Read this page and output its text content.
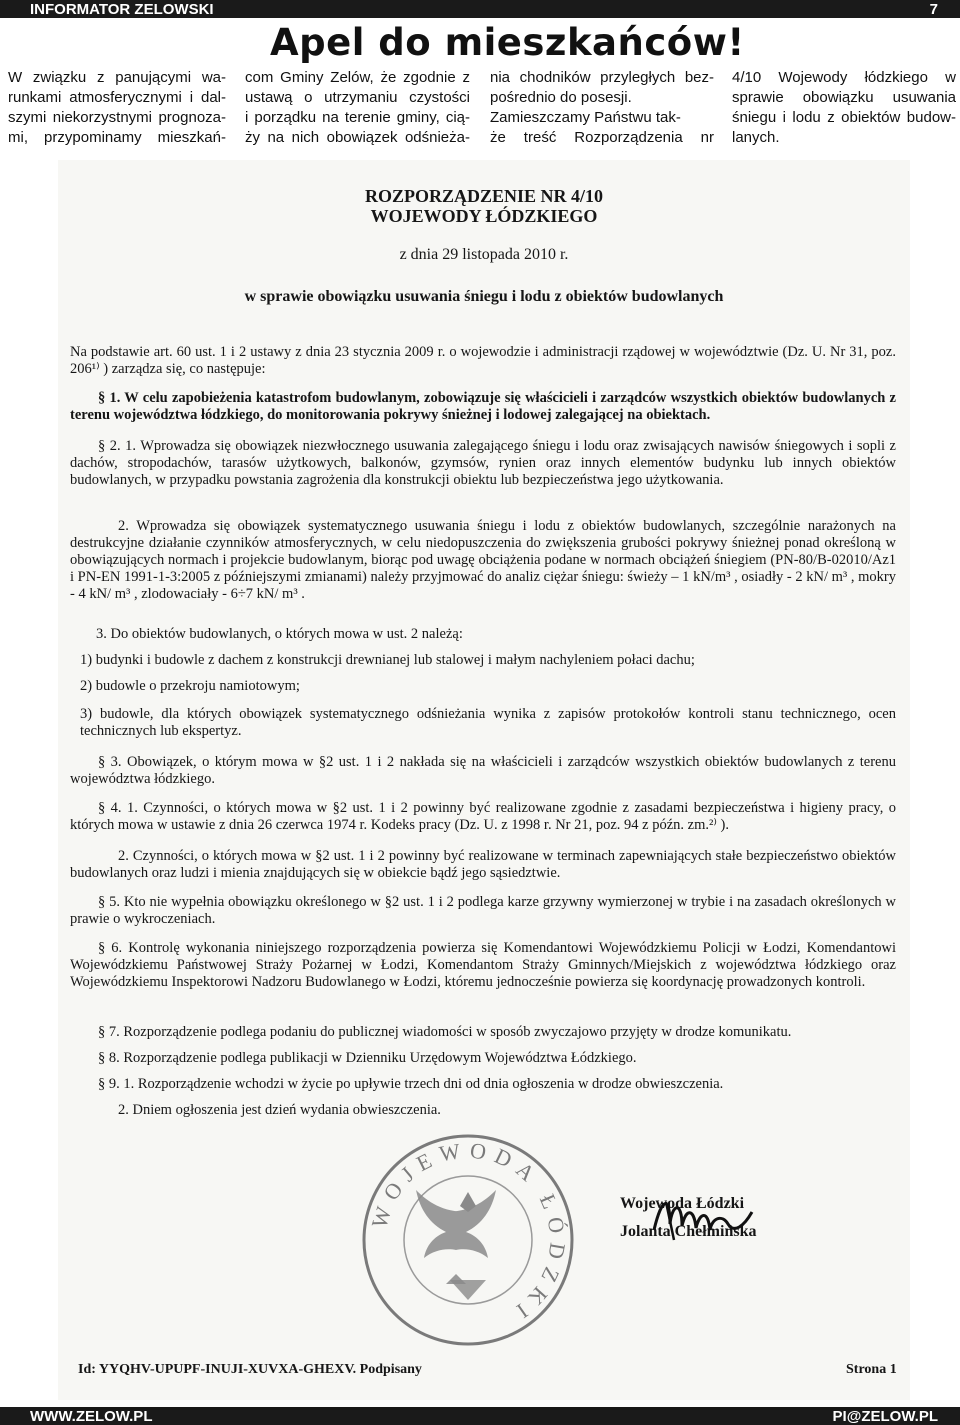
INFORMATOR ZELOWSKI	7
Apel do mieszkańców!

W związku z panującymi wa-

runkami atmosferycznymi i dal-

szymi niekorzystnymi prognoza-

mi, przypominamy mieszkań-

com Gminy Zelów, że zgodnie z

ustawą o utrzymaniu czystości

i porządku na terenie gminy, cią-

ży na nich obowiązek odśnieża-

nia chodników przyległych bez-

pośrednio do posesji.

Zamieszczamy Państwu tak-

że treść Rozporządzenia nr

4/10 Wojewody łódzkiego w

sprawie obowiązku usuwania

śniegu i lodu z obiektów budow-

lanych.

ROZPORZĄDZENIE NR 4/10
WOJEWODY ŁÓDZKIEGO
z dnia 29 listopada 2010 r.
w sprawie obowiązku usuwania śniegu i lodu z obiektów budowlanych
Na podstawie art. 60 ust. 1 i 2 ustawy z dnia 23 stycznia 2009 r. o wojewodzie i administracji rządowej w województwie (Dz. U. Nr 31, poz. 206¹⁾ ) zarządza się, co następuje:
§ 1. W celu zapobieżenia katastrofom budowlanym, zobowiązuje się właścicieli i zarządców wszystkich obiektów budowlanych z terenu województwa łódzkiego, do monitorowania pokrywy śnieżnej i lodowej zalegającej na obiektach.
§ 2. 1. Wprowadza się obowiązek niezwłocznego usuwania zalegającego śniegu i lodu oraz zwisających nawisów śniegowych i sopli z dachów, stropodachów, tarasów użytkowych, balkonów, gzymsów, rynien oraz innych elementów budynku lub innych obiektów budowlanych, w przypadku powstania zagrożenia dla konstrukcji obiektu lub bezpieczeństwa jego użytkowania.
2. Wprowadza się obowiązek systematycznego usuwania śniegu i lodu z obiektów budowlanych, szczególnie narażonych na destrukcyjne działanie czynników atmosferycznych, w celu niedopuszczenia do zwiększenia grubości pokrywy śnieżnej ponad określoną w obowiązujących normach i projekcie budowlanym, biorąc pod uwagę obciążenia podane w normach obciążeń śniegiem (PN-80/B-02010/Az1 i PN-EN 1991-1-3:2005 z późniejszymi zmianami) należy przyjmować do analiz ciężar śniegu: świeży – 1 kN/m³ , osiadły - 2 kN/ m³ , mokry - 4 kN/ m³ , zlodowaciały - 6÷7 kN/ m³ .
3. Do obiektów budowlanych, o których mowa w ust. 2 należą:
1) budynki i budowle z dachem z konstrukcji drewnianej lub stalowej i małym nachyleniem połaci dachu;
2) budowle o przekroju namiotowym;
3) budowle, dla których obowiązek systematycznego odśnieżania wynika z zapisów protokołów kontroli stanu technicznego, ocen technicznych lub ekspertyz.
§ 3. Obowiązek, o którym mowa w §2 ust. 1 i 2 nakłada się na właścicieli i zarządców wszystkich obiektów budowlanych z terenu województwa łódzkiego.
§ 4. 1. Czynności, o których mowa w §2 ust. 1 i 2 powinny być realizowane zgodnie z zasadami bezpieczeństwa i higieny pracy, o których mowa w ustawie z dnia 26 czerwca 1974 r. Kodeks pracy (Dz. U. z 1998 r. Nr 21, poz. 94 z późn. zm.²⁾ ).
2. Czynności, o których mowa w §2 ust. 1 i 2 powinny być realizowane w terminach zapewniających stałe bezpieczeństwo obiektów budowlanych oraz ludzi i mienia znajdujących się w obiekcie bądź jego sąsiedztwie.
§ 5. Kto nie wypełnia obowiązku określonego w §2 ust. 1 i 2 podlega karze grzywny wymierzonej w trybie i na zasadach określonych w prawie o wykroczeniach.
§ 6. Kontrolę wykonania niniejszego rozporządzenia powierza się Komendantowi Wojewódzkiemu Policji w Łodzi, Komendantowi Wojewódzkiemu Państwowej Straży Pożarnej w Łodzi, Komendantom Straży Gminnych/Miejskich z województwa łódzkiego oraz Wojewódzkiemu Inspektorowi Nadzoru Budowlanego w Łodzi, któremu jednocześnie powierza się koordynację prowadzonych kontroli.
§ 7. Rozporządzenie podlega podaniu do publicznej wiadomości w sposób zwyczajowo przyjęty w drodze komunikatu.
§ 8. Rozporządzenie podlega publikacji w Dzienniku Urzędowym Województwa Łódzkiego.
§ 9. 1. Rozporządzenie wchodzi w życie po upływie trzech dni od dnia ogłoszenia w drodze obwieszczenia.
2. Dniem ogłoszenia jest dzień wydania obwieszczenia.
WOJEWODA ŁÓDZKI
Wojewoda Łódzki
Jolanta Chełmińska
Id: YYQHV-UPUPF-INUJI-XUVXA-GHEXV. Podpisany	Strona 1
WWW.ZELOW.PL	PI@ZELOW.PL
